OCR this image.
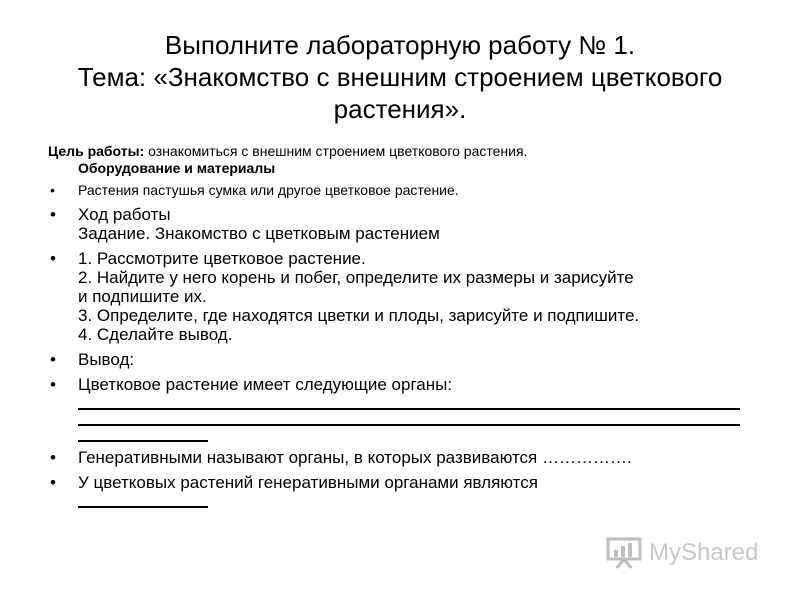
Выполните лабораторную работу № 1.
Тема: «Знакомство с внешним строением цветкового
растения».
Цель работы: ознакомиться с внешним строением цветкового растения.
Оборудование и материалы
• Растения пастушья сумка или другое цветковое растение.
• Ход работы
Задание. Знакомство с цветковым растением
• 1. Рассмотрите цветковое растение.
2. Найдите у него корень и побег, определите их размеры и зарисуйте
и подпишите их.
3. Определите, где находятся цветки и плоды, зарисуйте и подпишите.
4. Сделайте вывод.
• Вывод:
• Цветковое растение имеет следующие органы:
• Генеративными называют органы, в которых развиваются …………….
• У цветковых растений генеративными органами являются
MyShared
